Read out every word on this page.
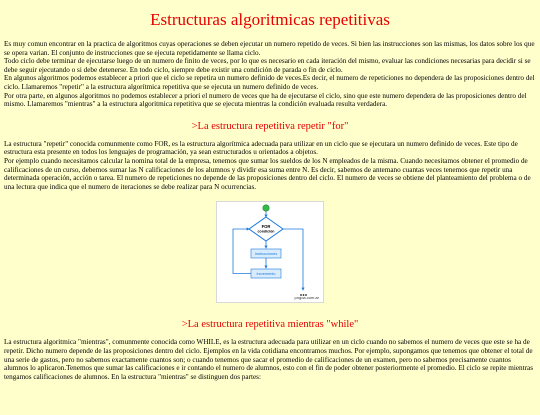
Estructuras algoritmicas repetitivas

Es muy comun encontrar en la practica de algoritmos cuyas operaciones se deben ejecutar un numero repetido de veces. Si bien las instrucciones son las mismas, los datos sobre los que se opera varian. El conjunto de instrucciones que se ejecuta repetidamente se llama ciclo.

Todo ciclo debe terminar de ejecutarse luego de un numero de finito de veces, por lo que es necesario en cada iteración del mismo, evaluar las condiciones necesarias para decidir si se debe seguir ejecutando o si debe detenerse. En todo ciclo, siempre debe existir una condición de parada o fin de ciclo.

En algunos algoritmos podemos establecer a priori que el ciclo se repetira un numero definido de veces.Es decir, el numero de repeticiones no dependera de las proposiciones dentro del ciclo. Llamaremos "repetir" a la estructura algorítmica repetitiva que se ejecuta un numero definido de veces.

Por otra parte, en algunos algoritmos no podemos establecer a priori el numero de veces que ha de ejecutarse el ciclo, sino que este numero dependera de las proposiciones dentro del mismo. Llamaremos "mientras" a la estructura algoritmica repetitiva que se ejecuta mientras la condición evaluada resulta verdadera.

>La estructura repetitiva repetir "for"

La estructura "repetir" conocida comunmente como FOR, es la estructura algorítmica adecuada para utilizar en un ciclo que se ejecutara un numero definido de veces. Este tipo de estructura esta presente en todos los lenguajes de programación, ya sean estructurados u orientados a objetos.

Por ejemplo cuando necesitamos calcular la nomina total de la empresa, tenemos que sumar los sueldos de los N empleados de la misma. Cuando necesitamos obtener el promedio de calificaciones de un curso, debemos sumar las N calificaciones de los alumnos y dividir esa suma entre N. Es decir, sabemos de antemano cuantas veces tenemos que repetir una determinada operación, acción o tarea. El numero de repeticiones no depende de las proposiciones dentro del ciclo. El numero de veces se obtiene del planteamiento del problema o de una lectura que indica que el numero de iteraciones se debe realizar para N ocurrencias.

FOR
condición
Instrucciones
Incremento
pngoa.com.ar
>La estructura repetitiva mientras "while"

La estructura algoritmica "mientras", comunmente conocida como WHILE, es la estructura adecuada para utilizar en un ciclo cuando no sabemos el numero de veces que este se ha de repetir. Dicho numero depende de las proposiciones dentro del ciclo. Ejemplos en la vida cotidiana encontramos muchos. Por ejemplo, supongamos que tenemos que obtener el total de una serie de gastos, pero no sabemos exactamente cuantos son; o cuando tenemos que sacar el promedio de calificaciones de un examen, pero no sabemos precisamente cuantos alumnos lo aplicaron.Tenemos que sumar las calificaciones e ir contando el numero de alumnos, esto con el fin de poder obtener posteriormente el promedio. El ciclo se repite mientras tengamos calificaciones de alumnos. En la estructura "mientras" se distinguen dos partes:
